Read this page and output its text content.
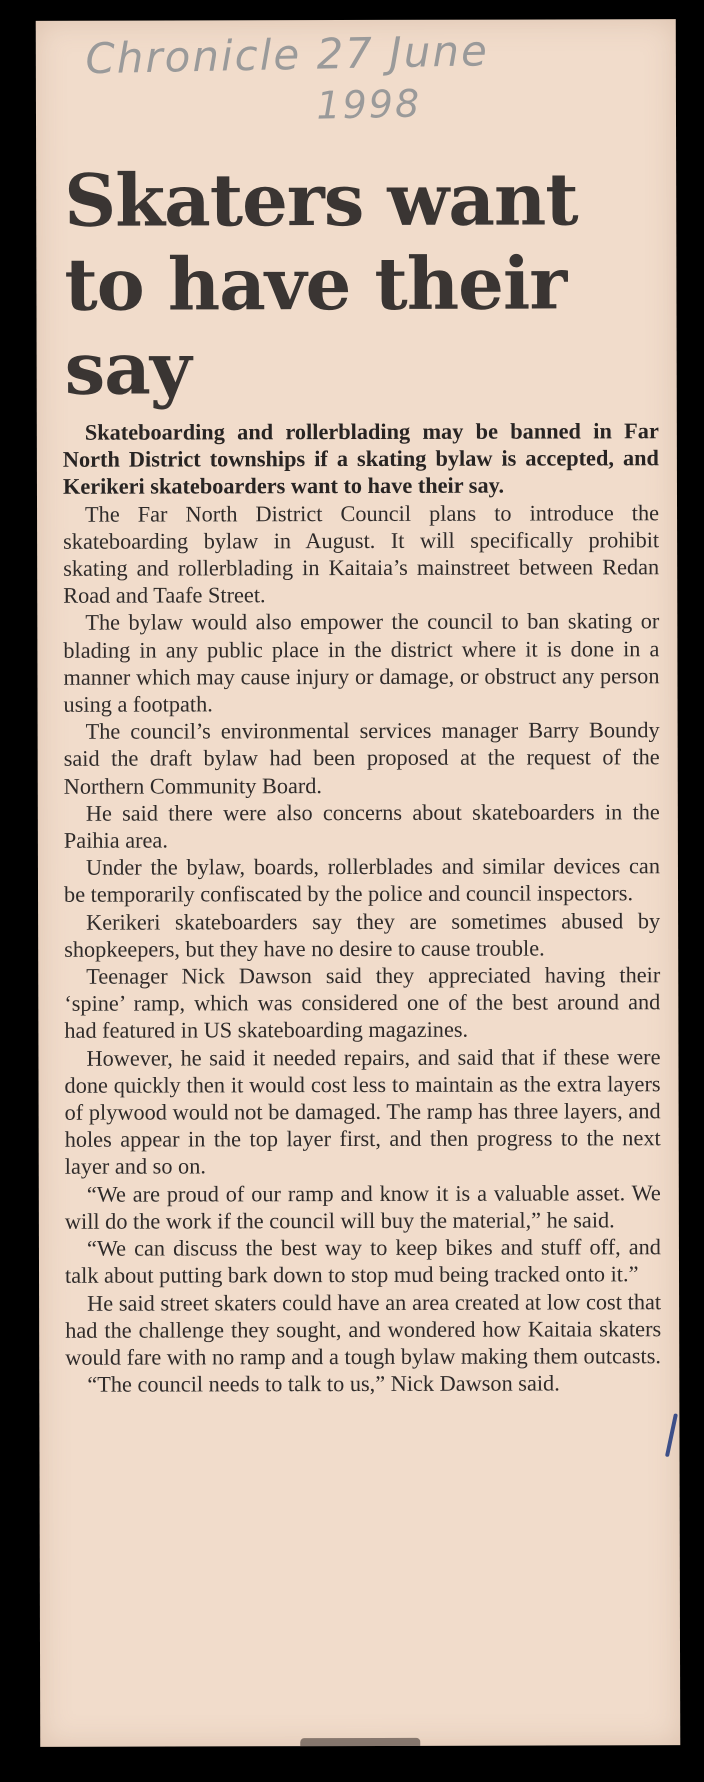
Chronicle 27 June
1998
Skaters want to have their say

Skateboarding and rollerblading may be banned in Far North District townships if a skating bylaw is accepted, and Kerikeri skateboarders want to have their say.

The Far North District Council plans to introduce the skateboarding bylaw in August. It will specifically prohibit skating and rollerblading in Kaitaia’s mainstreet between Redan Road and Taafe Street.

The bylaw would also empower the council to ban skating or blading in any public place in the district where it is done in a manner which may cause injury or damage, or obstruct any person using a footpath.

The council’s environmental services manager Barry Boundy said the draft bylaw had been proposed at the request of the Northern Community Board.

He said there were also concerns about skateboarders in the Paihia area.

Under the bylaw, boards, rollerblades and similar devices can be temporarily confiscated by the police and council inspectors.

Kerikeri skateboarders say they are sometimes abused by shopkeepers, but they have no desire to cause trouble.

Teenager Nick Dawson said they appreciated having their ‘spine’ ramp, which was considered one of the best around and had featured in US skateboarding magazines.

However, he said it needed repairs, and said that if these were done quickly then it would cost less to maintain as the extra layers of plywood would not be damaged. The ramp has three layers, and holes appear in the top layer first, and then progress to the next layer and so on.

“We are proud of our ramp and know it is a valuable asset. We will do the work if the council will buy the material,” he said.

“We can discuss the best way to keep bikes and stuff off, and talk about putting bark down to stop mud being tracked onto it.”

He said street skaters could have an area created at low cost that had the challenge they sought, and wondered how Kaitaia skaters would fare with no ramp and a tough bylaw making them outcasts.

“The council needs to talk to us,” Nick Dawson said.
